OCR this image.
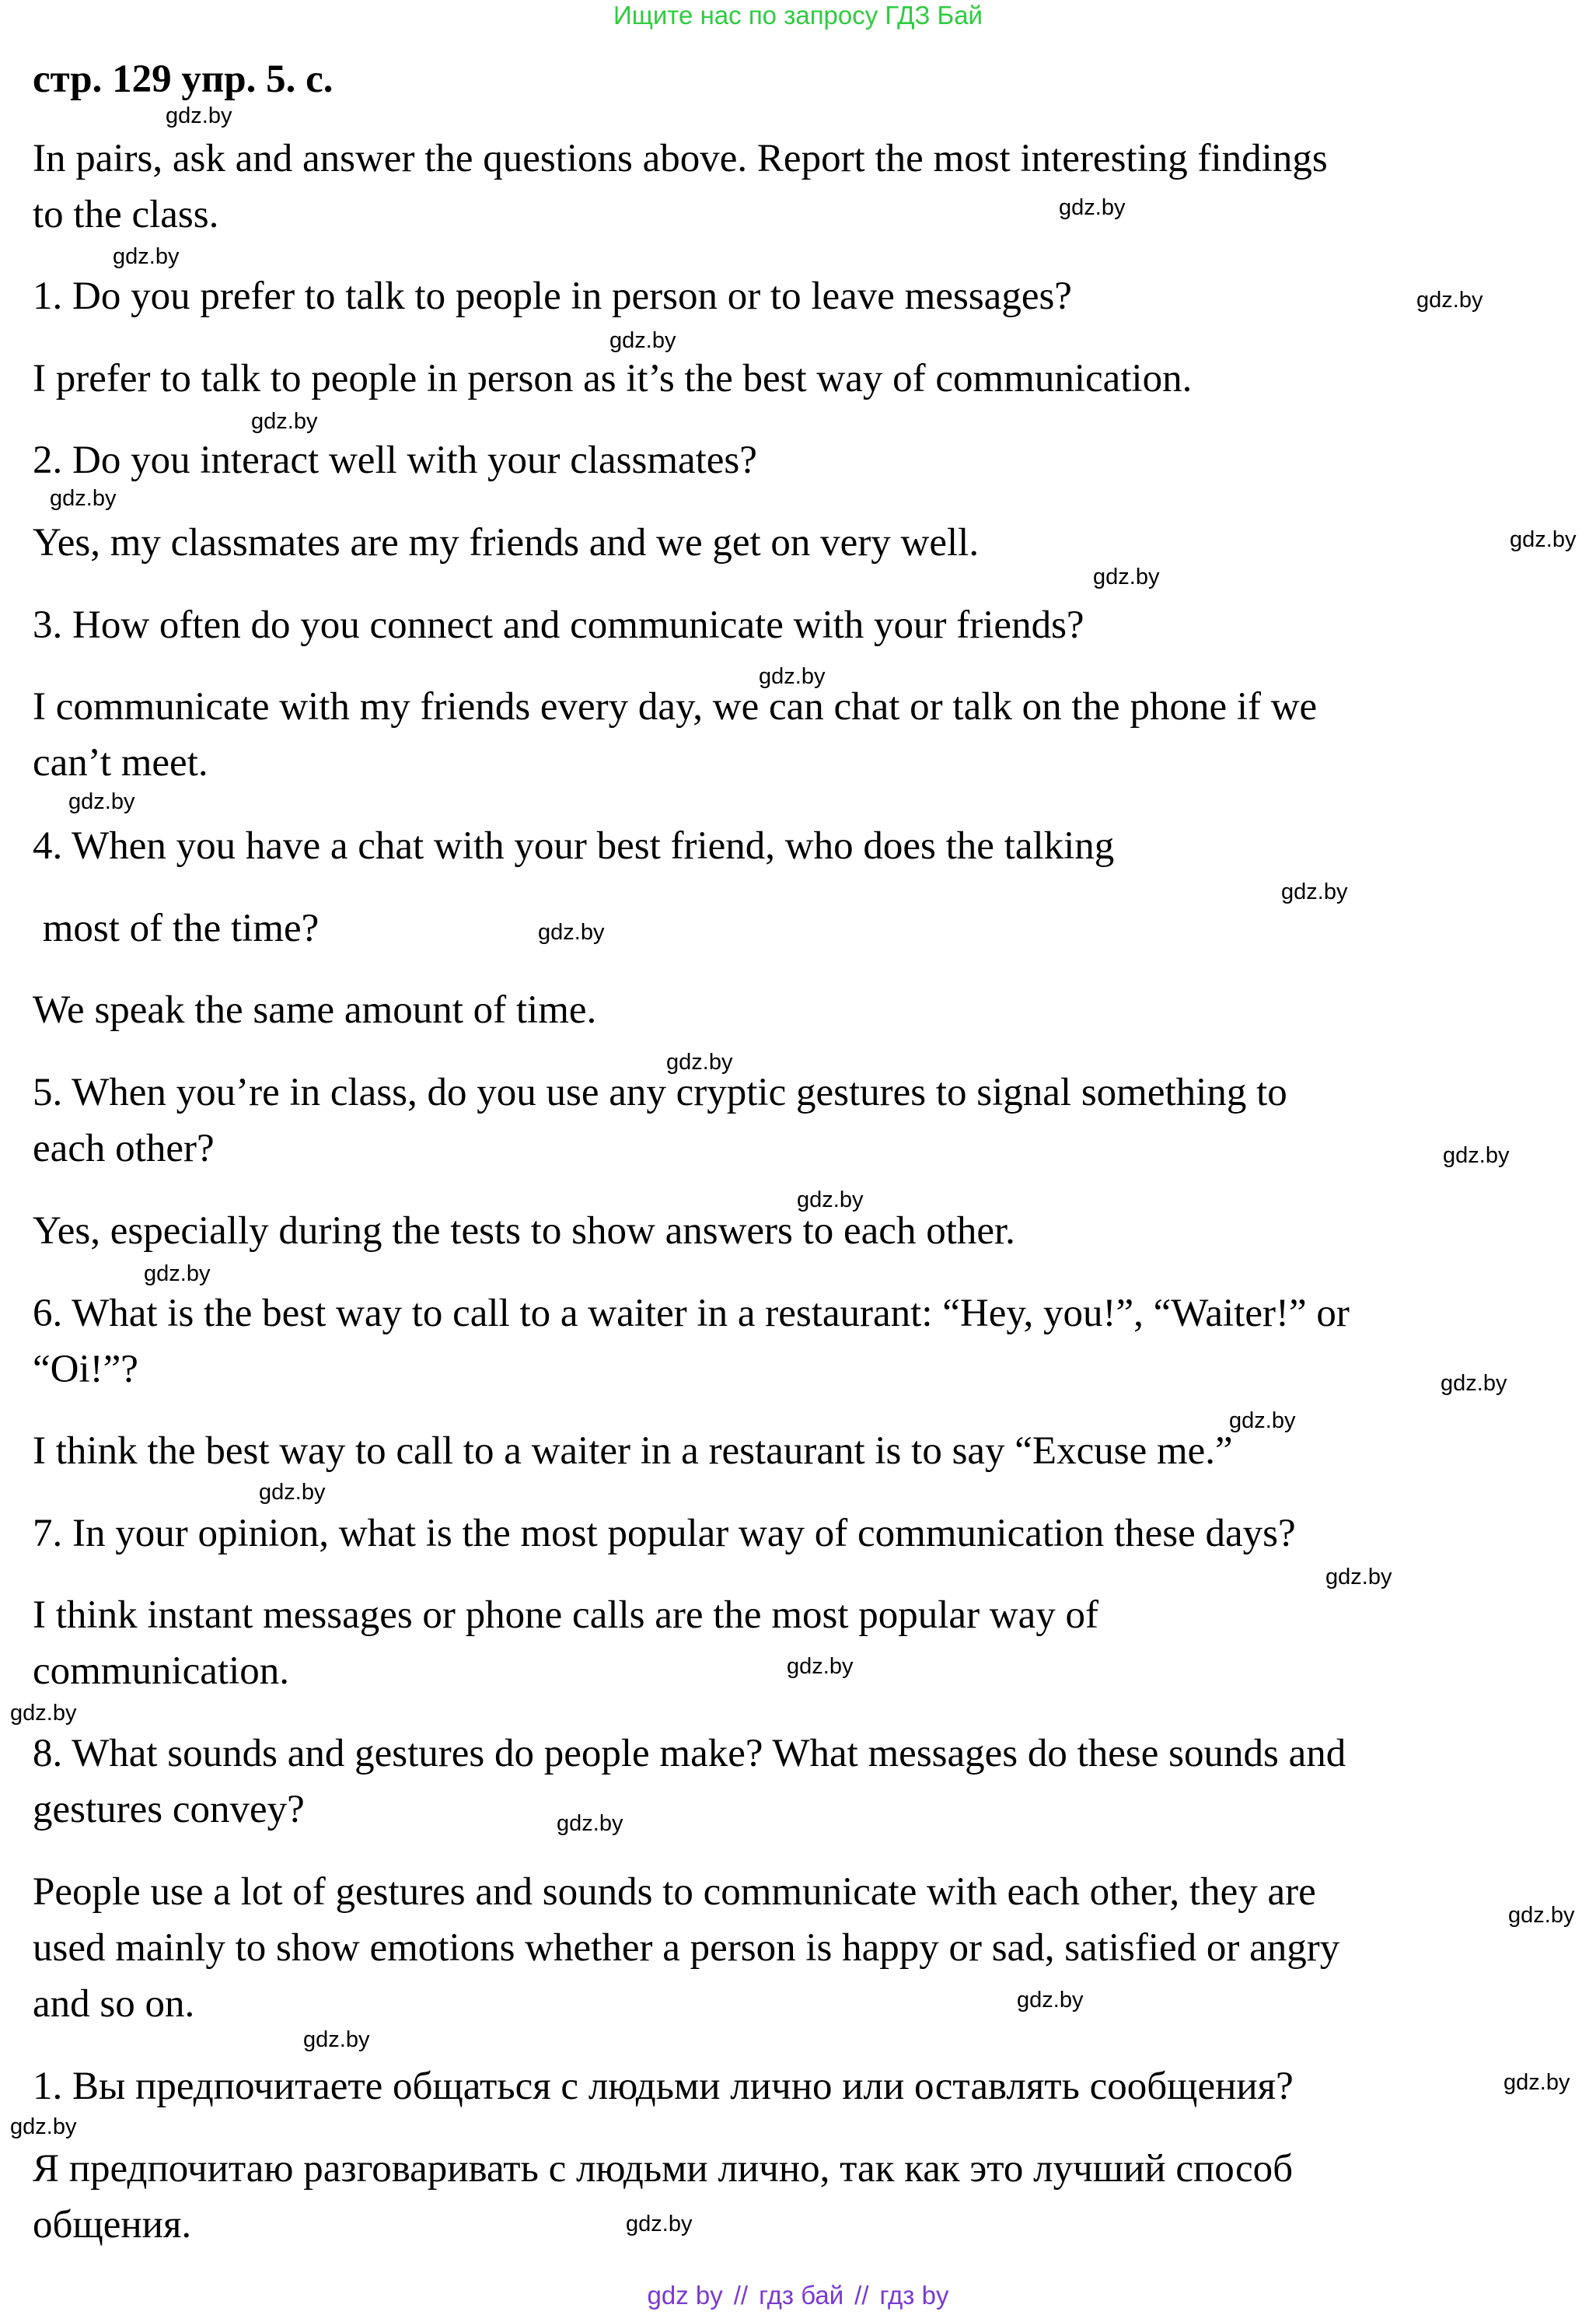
Ищите нас по запросу ГДЗ Бай
стр. 129 упр. 5. с.
In pairs, ask and answer the questions above. Report the most interesting findings
to the class.
1. Do you prefer to talk to people in person or to leave messages?
I prefer to talk to people in person as it’s the best way of communication.
2. Do you interact well with your classmates?
Yes, my classmates are my friends and we get on very well.
3. How often do you connect and communicate with your friends?
I communicate with my friends every day, we can chat or talk on the phone if we
can’t meet.
4. When you have a chat with your best friend, who does the talking
most of the time?
We speak the same amount of time.
5. When you’re in class, do you use any cryptic gestures to signal something to
each other?
Yes, especially during the tests to show answers to each other.
6. What is the best way to call to a waiter in a restaurant: “Hey, you!”, “Waiter!” or
“Oi!”?
I think the best way to call to a waiter in a restaurant is to say “Excuse me.”
7. In your opinion, what is the most popular way of communication these days?
I think instant messages or phone calls are the most popular way of
communication.
8. What sounds and gestures do people make? What messages do these sounds and
gestures convey?
People use a lot of gestures and sounds to communicate with each other, they are
used mainly to show emotions whether a person is happy or sad, satisfied or angry
and so on.
1. Вы предпочитаете общаться с людьми лично или оставлять сообщения?
Я предпочитаю разговаривать с людьми лично, так как это лучший способ
общения.
gdz.by
gdz.by
gdz.by
gdz.by
gdz.by
gdz.by
gdz.by
gdz.by
gdz.by
gdz.by
gdz.by
gdz.by
gdz.by
gdz.by
gdz.by
gdz.by
gdz.by
gdz.by
gdz.by
gdz.by
gdz.by
gdz.by
gdz.by
gdz.by
gdz.by
gdz.by
gdz.by
gdz.by
gdz.by
gdz.by
gdz by // гдз бай // гдз by
